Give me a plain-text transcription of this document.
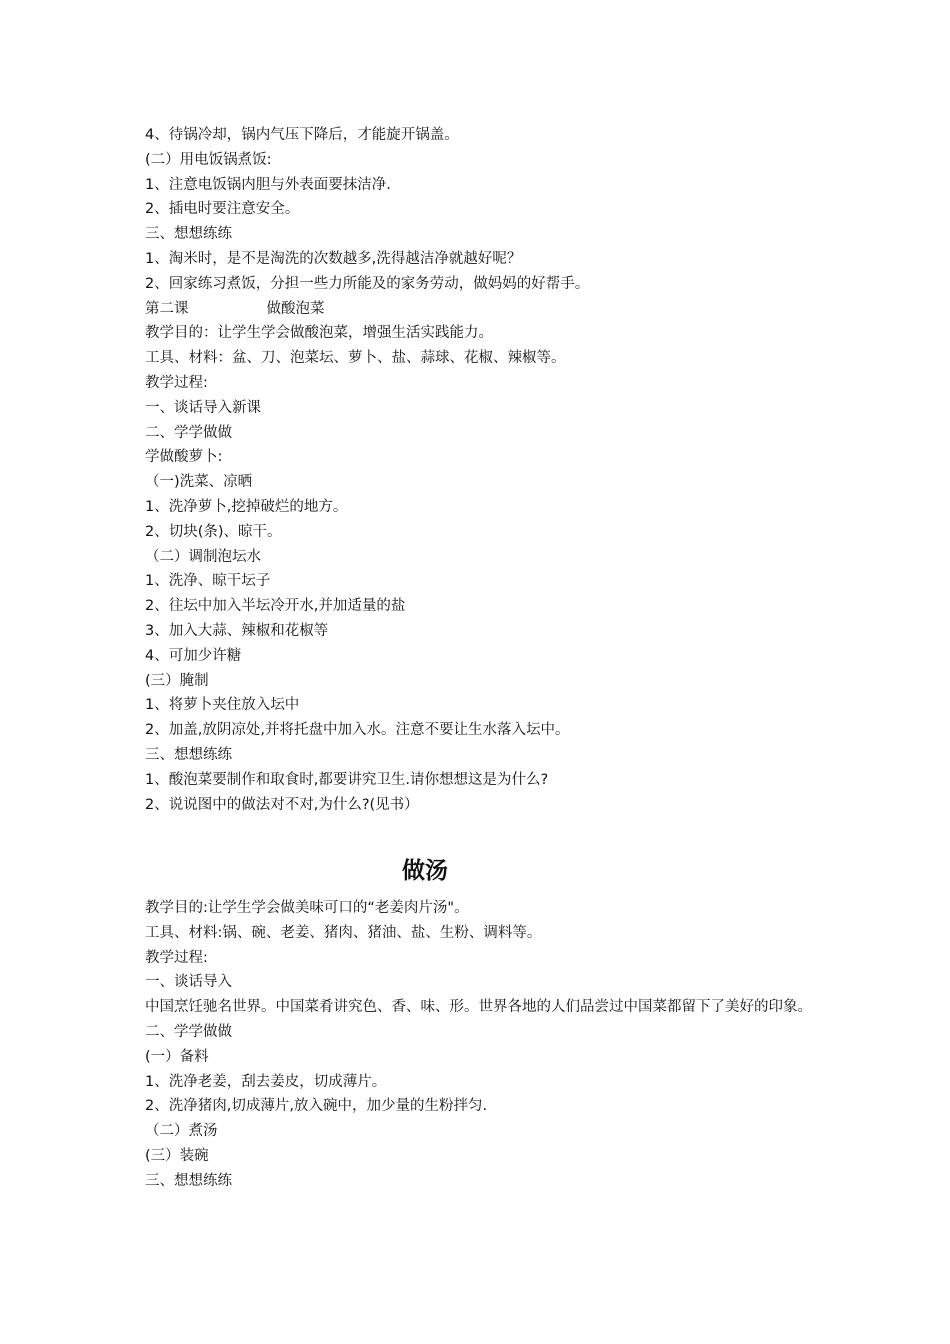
4、待锅冷却，锅内气压下降后，才能旋开锅盖。
(二）用电饭锅煮饭:
1、注意电饭锅内胆与外表面要抹洁净.
2、插电时要注意安全。
三、想想练练
1、淘米时，是不是淘洗的次数越多,洗得越洁净就越好呢？
2、回家练习煮饭，分担一些力所能及的家务劳动，做妈妈的好帮手。
第二课	做酸泡菜
教学目的：让学生学会做酸泡菜，增强生活实践能力。
工具、材料：盆、刀、泡菜坛、萝卜、盐、蒜球、花椒、辣椒等。
教学过程:
一、谈话导入新课
二、学学做做
学做酸萝卜:
（一)洗菜、凉晒
1、洗净萝卜,挖掉破烂的地方。
2、切块(条)、晾干。
（二）调制泡坛水
1、洗净、晾干坛子
2、往坛中加入半坛冷开水,并加适量的盐
3、加入大蒜、辣椒和花椒等
4、可加少许糖
(三）腌制
1、将萝卜夹住放入坛中
2、加盖,放阴凉处,并将托盘中加入水。注意不要让生水落入坛中。
三、想想练练
1、酸泡菜要制作和取食时,都要讲究卫生.请你想想这是为什么?
2、说说图中的做法对不对,为什么?(见书）
做汤
教学目的:让学生学会做美味可口的“老姜肉片汤"。
工具、材料:锅、碗、老姜、猪肉、猪油、盐、生粉、调料等。
教学过程:
一、谈话导入
中国烹饪驰名世界。中国菜肴讲究色、香、味、形。世界各地的人们品尝过中国菜都留下了美好的印象。
二、学学做做
(一）备料
1、洗净老姜，刮去姜皮，切成薄片。
2、洗净猪肉,切成薄片,放入碗中，加少量的生粉拌匀.
（二）煮汤
(三）装碗
三、想想练练
